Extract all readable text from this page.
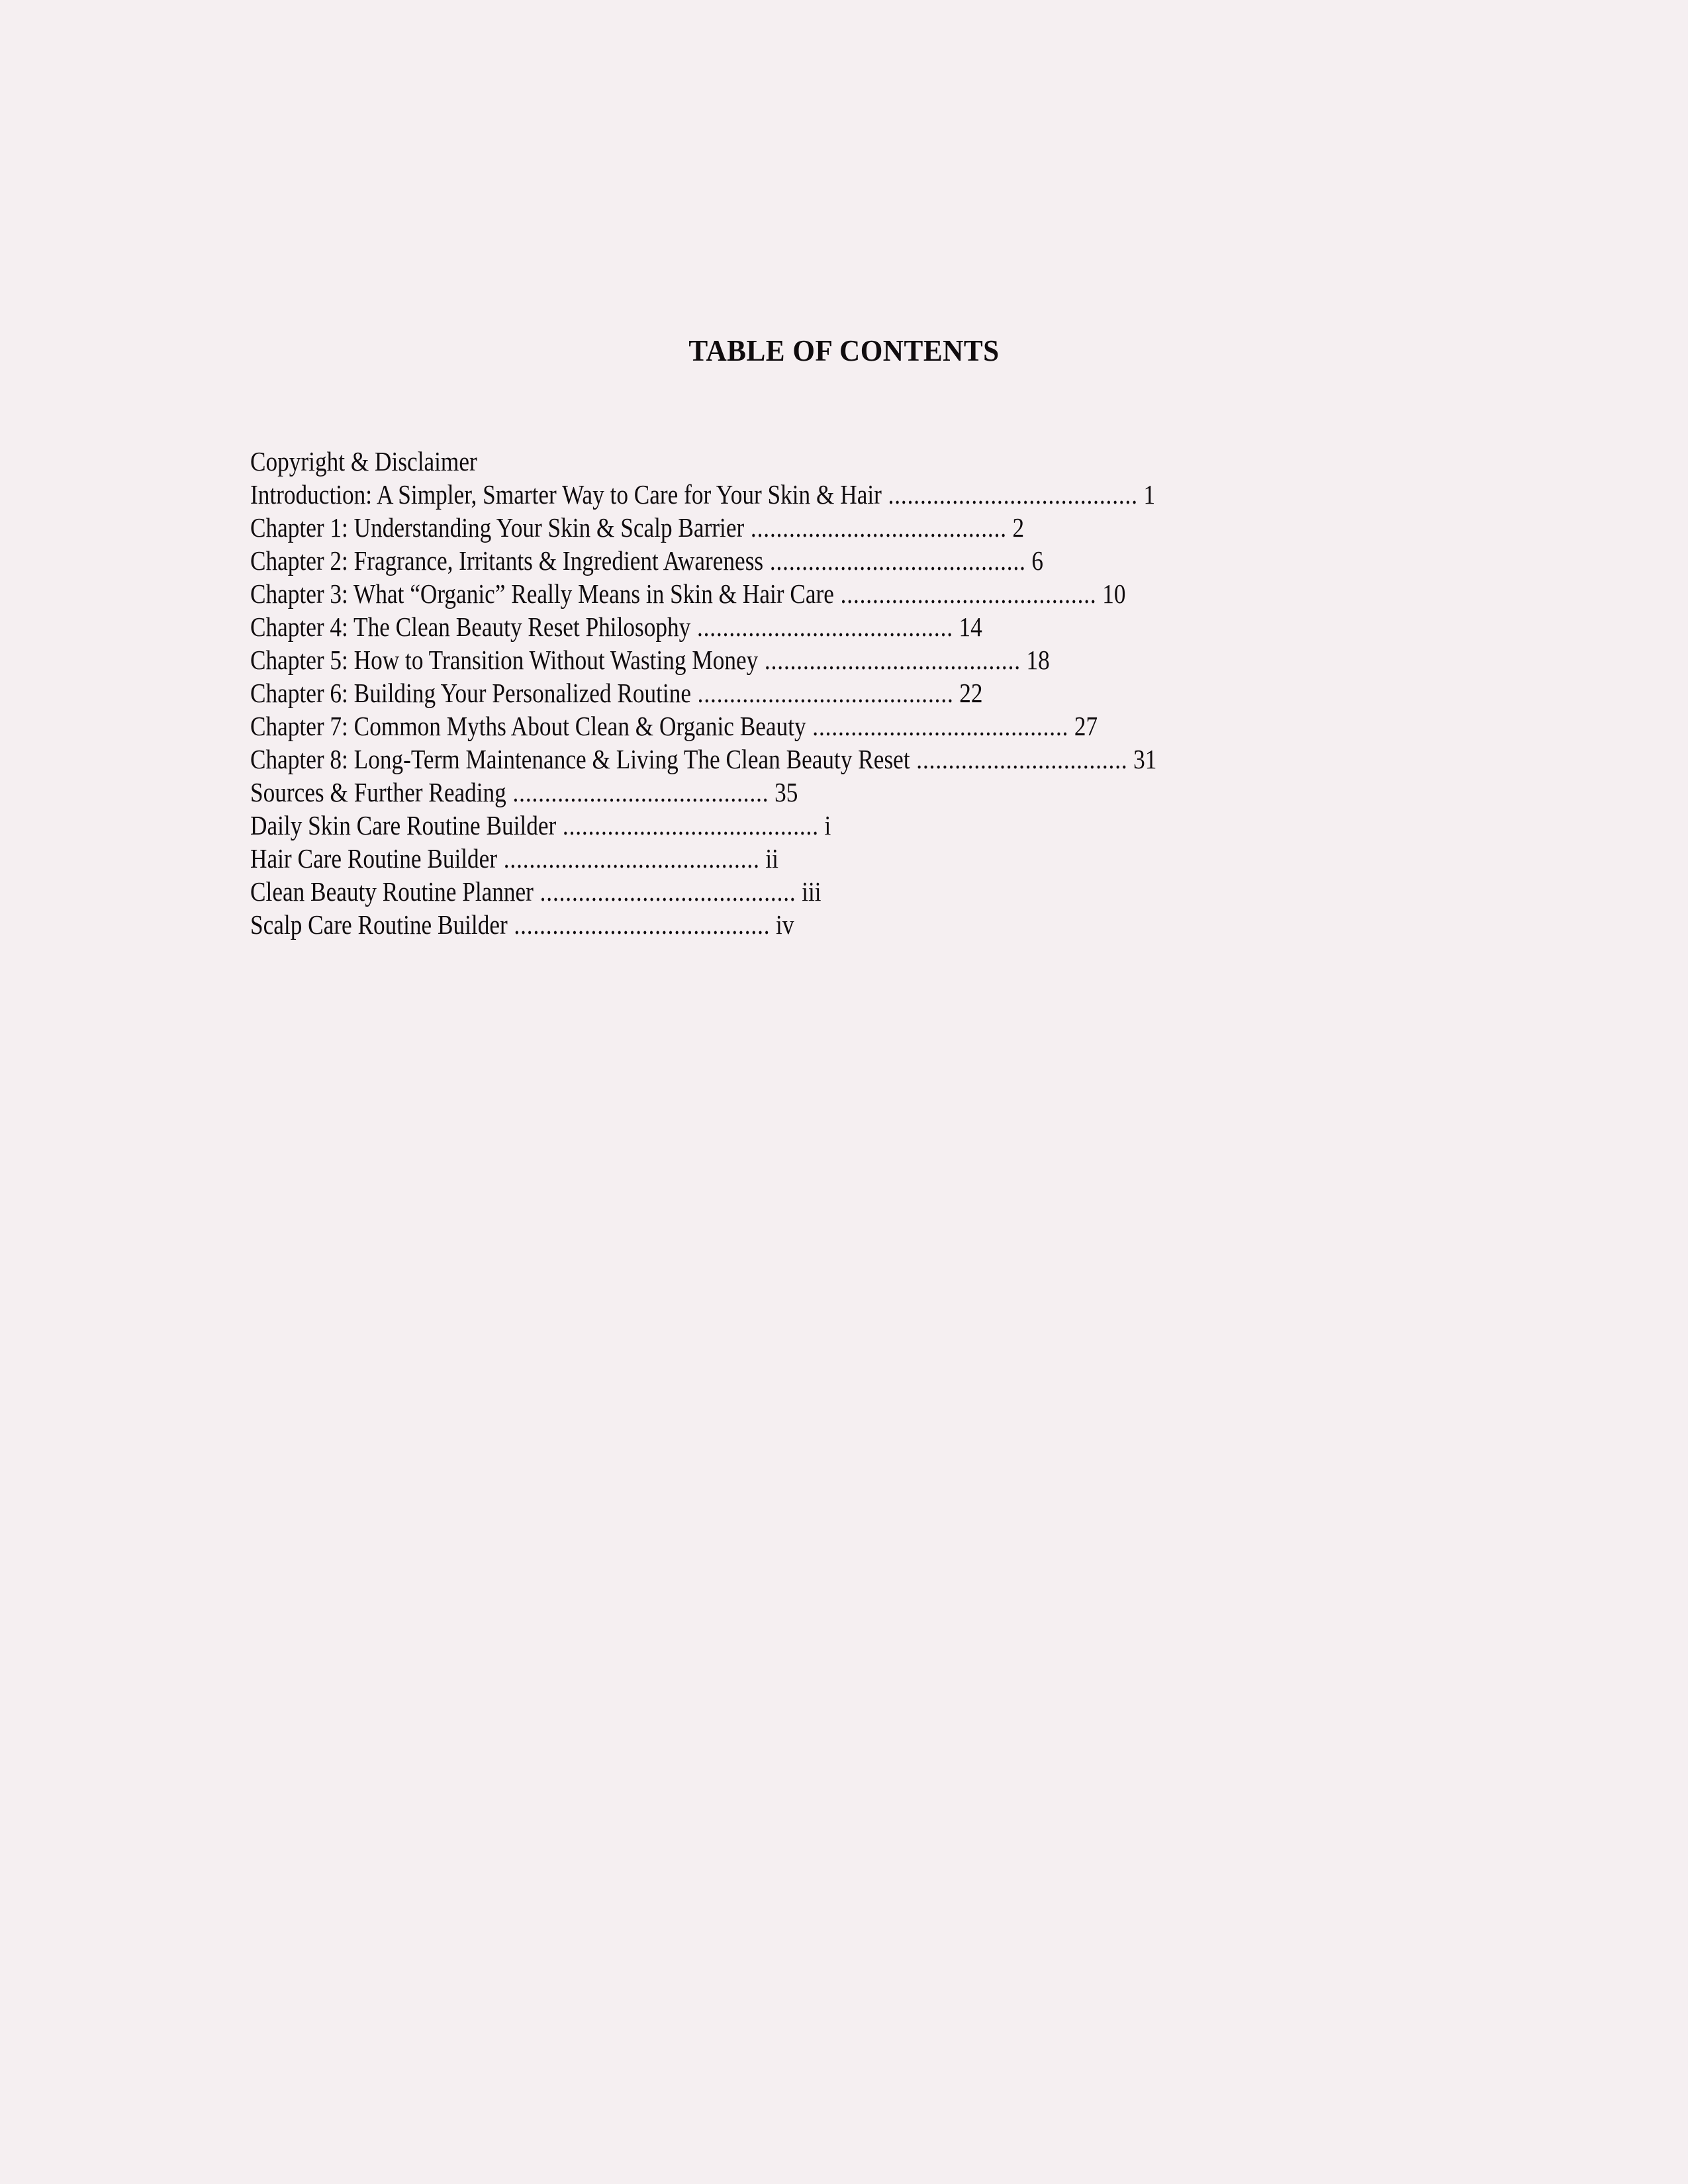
TABLE OF CONTENTS
Copyright & Disclaimer
Introduction: A Simpler, Smarter Way to Care for Your Skin & Hair ....................................... 1
Chapter 1: Understanding Your Skin & Scalp Barrier ........................................ 2
Chapter 2: Fragrance, Irritants & Ingredient Awareness ........................................ 6
Chapter 3: What “Organic” Really Means in Skin & Hair Care ........................................ 10
Chapter 4: The Clean Beauty Reset Philosophy ........................................ 14
Chapter 5: How to Transition Without Wasting Money ........................................ 18
Chapter 6: Building Your Personalized Routine ........................................ 22
Chapter 7: Common Myths About Clean & Organic Beauty ........................................ 27
Chapter 8: Long-Term Maintenance & Living The Clean Beauty Reset ................................. 31
Sources & Further Reading ........................................ 35
Daily Skin Care Routine Builder ........................................ i
Hair Care Routine Builder ........................................ ii
Clean Beauty Routine Planner ........................................ iii
Scalp Care Routine Builder ........................................ iv
